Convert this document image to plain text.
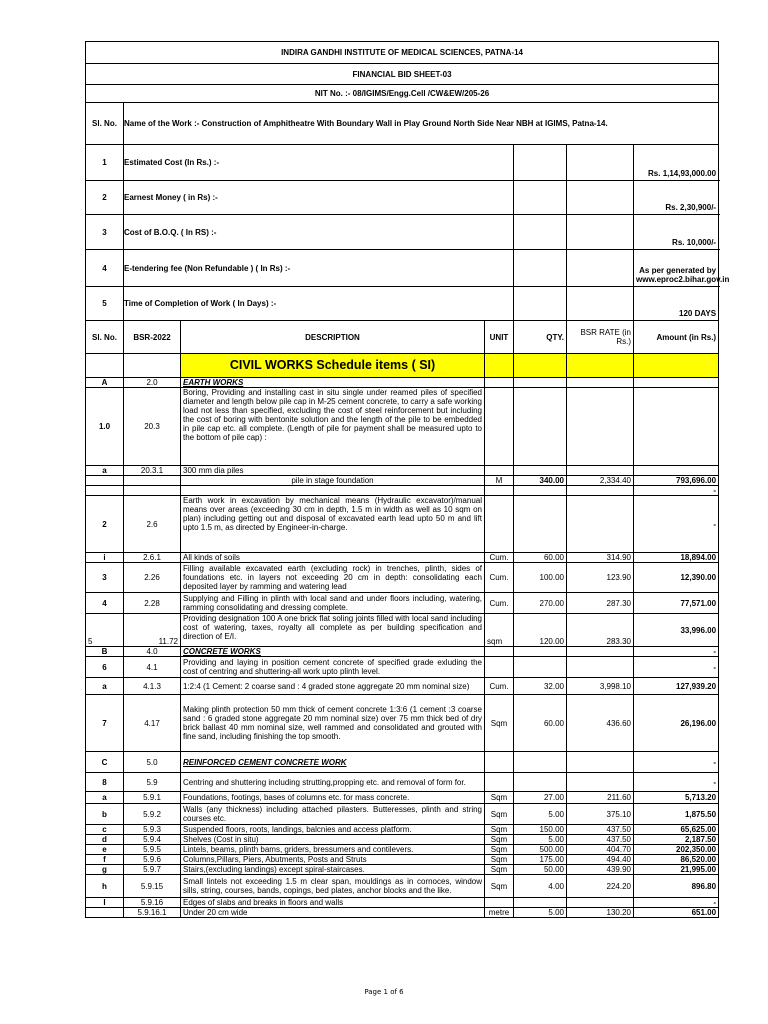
INDIRA GANDHI INSTITUTE OF MEDICAL SCIENCES, PATNA-14						
FINANCIAL BID SHEET-03						
NIT No. :- 08/IGIMS/Engg.Cell /CW&EW/205-26						
Sl. No.	Name of the Work :- Construction of Amphitheatre With Boundary Wall in Play Ground North Side Near NBH at IGIMS, Patna-14.					
1	Estimated Cost (In Rs.) :-					Rs. 1,14,93,000.00
2	Earnest Money ( in Rs) :-					Rs. 2,30,900/-
3	Cost of B.O.Q. ( In RS) :-					Rs. 10,000/-
4	E-tendering fee (Non Refundable ) ( In Rs) :-					As per generated by www.eproc2.bihar.gov.in
5	Time of Completion of Work ( In Days) :-					120 DAYS
Sl. No.	BSR-2022	DESCRIPTION	UNIT	QTY.	BSR RATE (in Rs.)	Amount (in Rs.)
		CIVIL WORKS Schedule items ( SI)				
A	2.0	EARTH WORKS				
1.0	20.3	Boring, Providing and installing cast in situ single under reamed piles of specified diameter and length below pile cap in M-25 cement concrete, to carry a safe working load not less than specified, excluding the cost of steel reinforcement but including the cost of boring with bentonite solution and the length of the pile to be embedded in pile cap etc. all complete. (Length of pile for payment shall be measured upto to the bottom of pile cap) :				
a	20.3.1	300 mm dia piles				
		pile in stage foundation	M	340.00	2,334.40	793,696.00
						-
2	2.6	Earth work in excavation by mechanical means (Hydraulic excavator)/manual means over areas (exceeding 30 cm in depth, 1.5 m in width as well as 10 sqm on plan) including getting out and disposal of excavated earth lead upto 50 m and lift upto 1.5 m, as directed by Engineer-in-charge.				-
i	2.6.1	All kinds of soils	Cum.	60.00	314.90	18,894.00
3	2.26	Filling available excavated earth (excluding rock) in trenches, plinth, sides of foundations etc. in layers not exceeding 20 cm in depth: consolidating each deposited layer by ramming and watering lead	Cum.	100.00	123.90	12,390.00
4	2.28	Supplying and Filling in plinth with local sand and under floors including, watering, ramming consolidating and dressing complete.	Cum.	270.00	287.30	77,571.00
5	11.72	Providing designation 100 A one brick flat soling joints filled with local sand including cost of watering, taxes, royalty all complete as per building specification and direction of E/I.	sqm	120.00	283.30	33,996.00
B	4.0	CONCRETE WORKS				-
6	4.1	Providing and laying in position cement concrete of specified grade exluding the cost of centring and shuttering-all work upto plinth level.				-
a	4.1.3	1:2:4 (1 Cement: 2 coarse sand : 4 graded stone aggregate 20 mm nominal size)	Cum.	32.00	3,998.10	127,939.20
7	4.17	Making plinth protection 50 mm thick of cement concrete 1:3:6 (1 cement :3 coarse sand : 6 graded stone aggregate 20 mm nominal size) over 75 mm thick bed of dry brick ballast 40 mm nominal size, well rammed and consolidated and grouted with fine sand, including finishing the top smooth.	Sqm	60.00	436.60	26,196.00
C	5.0	REINFORCED CEMENT CONCRETE WORK				-
8	5.9	Centring and shuttering including strutting,propping etc. and removal of form for.				-
a	5.9.1	Foundations, footings, bases of columns etc. for mass concrete.	Sqm	27.00	211.60	5,713.20
b	5.9.2	Walls (any thickness) including attached pilasters. Butteresses, plinth and string courses etc.	Sqm	5.00	375.10	1,875.50
c	5.9.3	Suspended floors, roots, landings, balcnies and access platform.	Sqm	150.00	437.50	65,625.00
d	5.9.4	Shelves (Cost in situ)	Sqm	5.00	437.50	2,187.50
e	5.9.5	Lintels, beams, plinth bams, griders, bressumers and contilevers.	Sqm	500.00	404.70	202,350.00
f	5.9.6	Columns,Pillars, Piers, Abutments, Posts and Struts	Sqm	175.00	494.40	86,520.00
g	5.9.7	Stairs,(excluding landings) except spiral-staircases.	Sqm	50.00	439.90	21,995.00
h	5.9.15	Small lintels not exceeding 1.5 m clear span, mouldings as in cornoces, window sills, string, courses, bands, copings, bed plates, anchor blocks and the like.	Sqm	4.00	224.20	896.80
I	5.9.16	Edges of slabs and breaks in floors and walls				-
	5.9.16.1	Under 20 cm wide	metre	5.00	130.20	651.00
Page 1 of 6
